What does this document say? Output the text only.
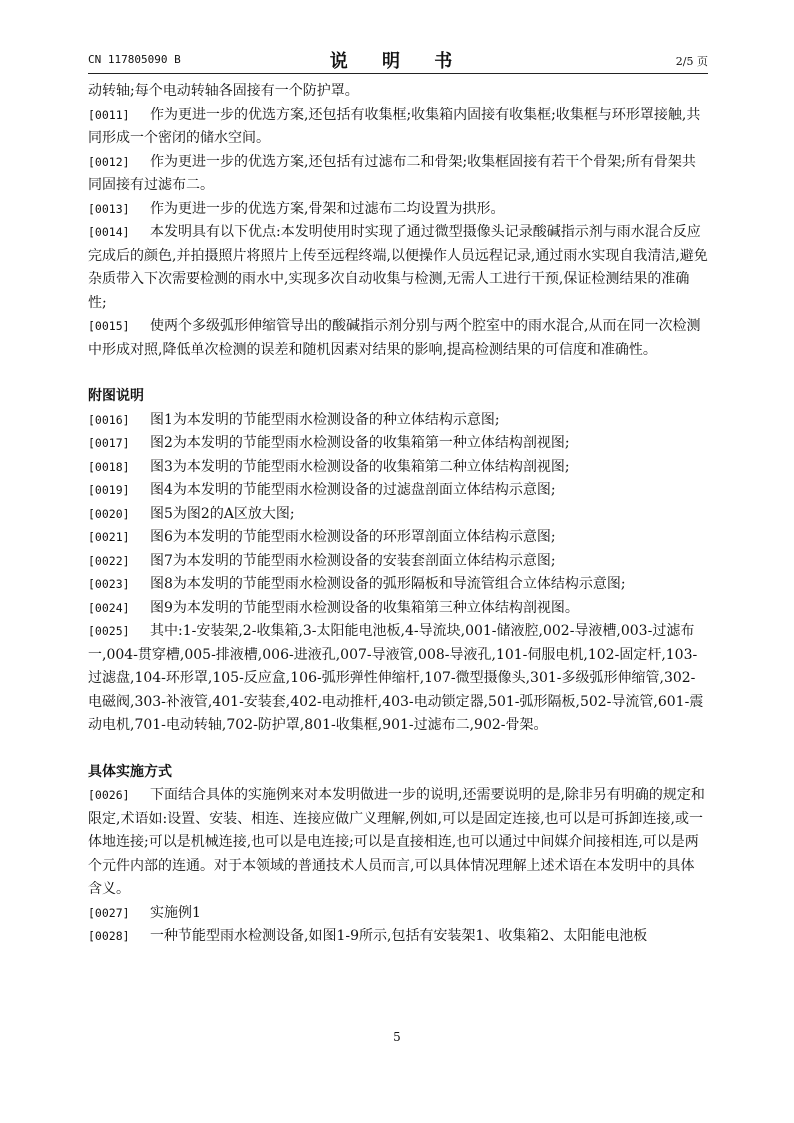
CN 117805090 B	说 明 书	2/5 页

动转轴;每个电动转轴各固接有一个防护罩。

[0011] 作为更进一步的优选方案,还包括有收集框;收集箱内固接有收集框;收集框与环形罩接触,共同形成一个密闭的储水空间。

[0012] 作为更进一步的优选方案,还包括有过滤布二和骨架;收集框固接有若干个骨架;所有骨架共同固接有过滤布二。

[0013] 作为更进一步的优选方案,骨架和过滤布二均设置为拱形。

[0014] 本发明具有以下优点:本发明使用时实现了通过微型摄像头记录酸碱指示剂与雨水混合反应完成后的颜色,并拍摄照片将照片上传至远程终端,以便操作人员远程记录,通过雨水实现自我清洁,避免杂质带入下次需要检测的雨水中,实现多次自动收集与检测,无需人工进行干预,保证检测结果的准确性;

[0015] 使两个多级弧形伸缩管导出的酸碱指示剂分别与两个腔室中的雨水混合,从而在同一次检测中形成对照,降低单次检测的误差和随机因素对结果的影响,提高检测结果的可信度和准确性。

附图说明

[0016] 图1为本发明的节能型雨水检测设备的种立体结构示意图;

[0017] 图2为本发明的节能型雨水检测设备的收集箱第一种立体结构剖视图;

[0018] 图3为本发明的节能型雨水检测设备的收集箱第二种立体结构剖视图;

[0019] 图4为本发明的节能型雨水检测设备的过滤盘剖面立体结构示意图;

[0020] 图5为图2的A区放大图;

[0021] 图6为本发明的节能型雨水检测设备的环形罩剖面立体结构示意图;

[0022] 图7为本发明的节能型雨水检测设备的安装套剖面立体结构示意图;

[0023] 图8为本发明的节能型雨水检测设备的弧形隔板和导流管组合立体结构示意图;

[0024] 图9为本发明的节能型雨水检测设备的收集箱第三种立体结构剖视图。

[0025] 其中:1-安装架,2-收集箱,3-太阳能电池板,4-导流块,001-储液腔,002-导液槽,003-过滤布一,004-贯穿槽,005-排液槽,006-进液孔,007-导液管,008-导液孔,101-伺服电机,102-固定杆,103-过滤盘,104-环形罩,105-反应盒,106-弧形弹性伸缩杆,107-微型摄像头,301-多级弧形伸缩管,302-电磁阀,303-补液管,401-安装套,402-电动推杆,403-电动锁定器,501-弧形隔板,502-导流管,601-震动电机,701-电动转轴,702-防护罩,801-收集框,901-过滤布二,902-骨架。

具体实施方式

[0026] 下面结合具体的实施例来对本发明做进一步的说明,还需要说明的是,除非另有明确的规定和限定,术语如:设置、安装、相连、连接应做广义理解,例如,可以是固定连接,也可以是可拆卸连接,或一体地连接;可以是机械连接,也可以是电连接;可以是直接相连,也可以通过中间媒介间接相连,可以是两个元件内部的连通。对于本领域的普通技术人员而言,可以具体情况理解上述术语在本发明中的具体含义。

[0027] 实施例1

[0028] 一种节能型雨水检测设备,如图1-9所示,包括有安装架1、收集箱2、太阳能电池板

5
